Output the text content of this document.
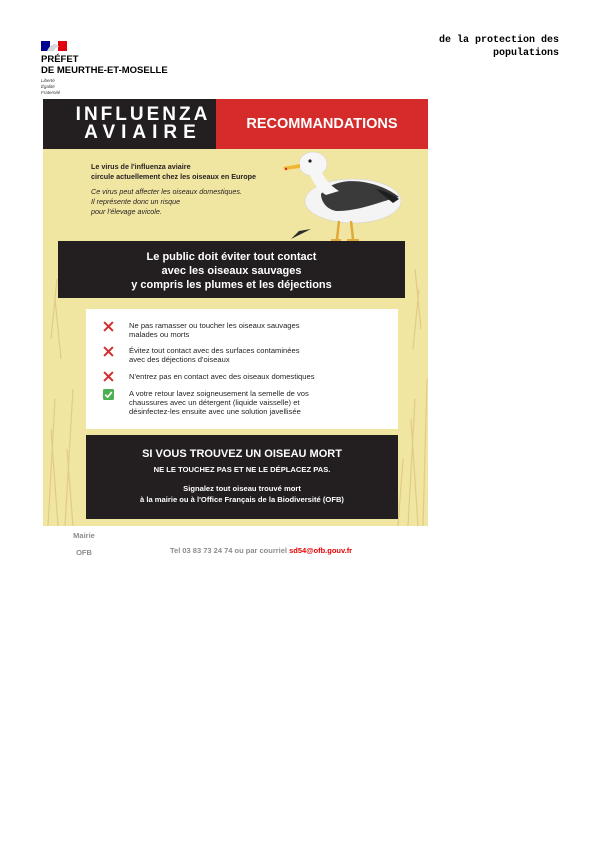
PRÉFET
DE MEURTHE-ET-MOSELLE
Liberté
Égalité
Fraternité
de la protection des
populations
INFLUENZA
AVIAIRE	RECOMMANDATIONS
Le virus de l'influenza aviaire
circule actuellement chez les oiseaux en Europe
Ce virus peut affecter les oiseaux domestiques.
Il représente donc un risque
pour l'élevage avicole.
Le public doit éviter tout contact
avec les oiseaux sauvages
y compris les plumes et les déjections
Ne pas ramasser ou toucher les oiseaux sauvages
malades ou morts
Évitez tout contact avec des surfaces contaminées
avec des déjections d'oiseaux
N'entrez pas en contact avec des oiseaux domestiques
A votre retour lavez soigneusement la semelle de vos
chaussures avec un détergent (liquide vaisselle) et
désinfectez-les ensuite avec une solution javellisée
SI VOUS TROUVEZ UN OISEAU MORT
NE LE TOUCHEZ PAS ET NE LE DÉPLACEZ PAS.
Signalez tout oiseau trouvé mort
à la mairie ou à l'Office Français de la Biodiversité (OFB)
Mairie
OFB	Tel 03 83 73 24 74 ou par courriel sd54@ofb.gouv.fr
